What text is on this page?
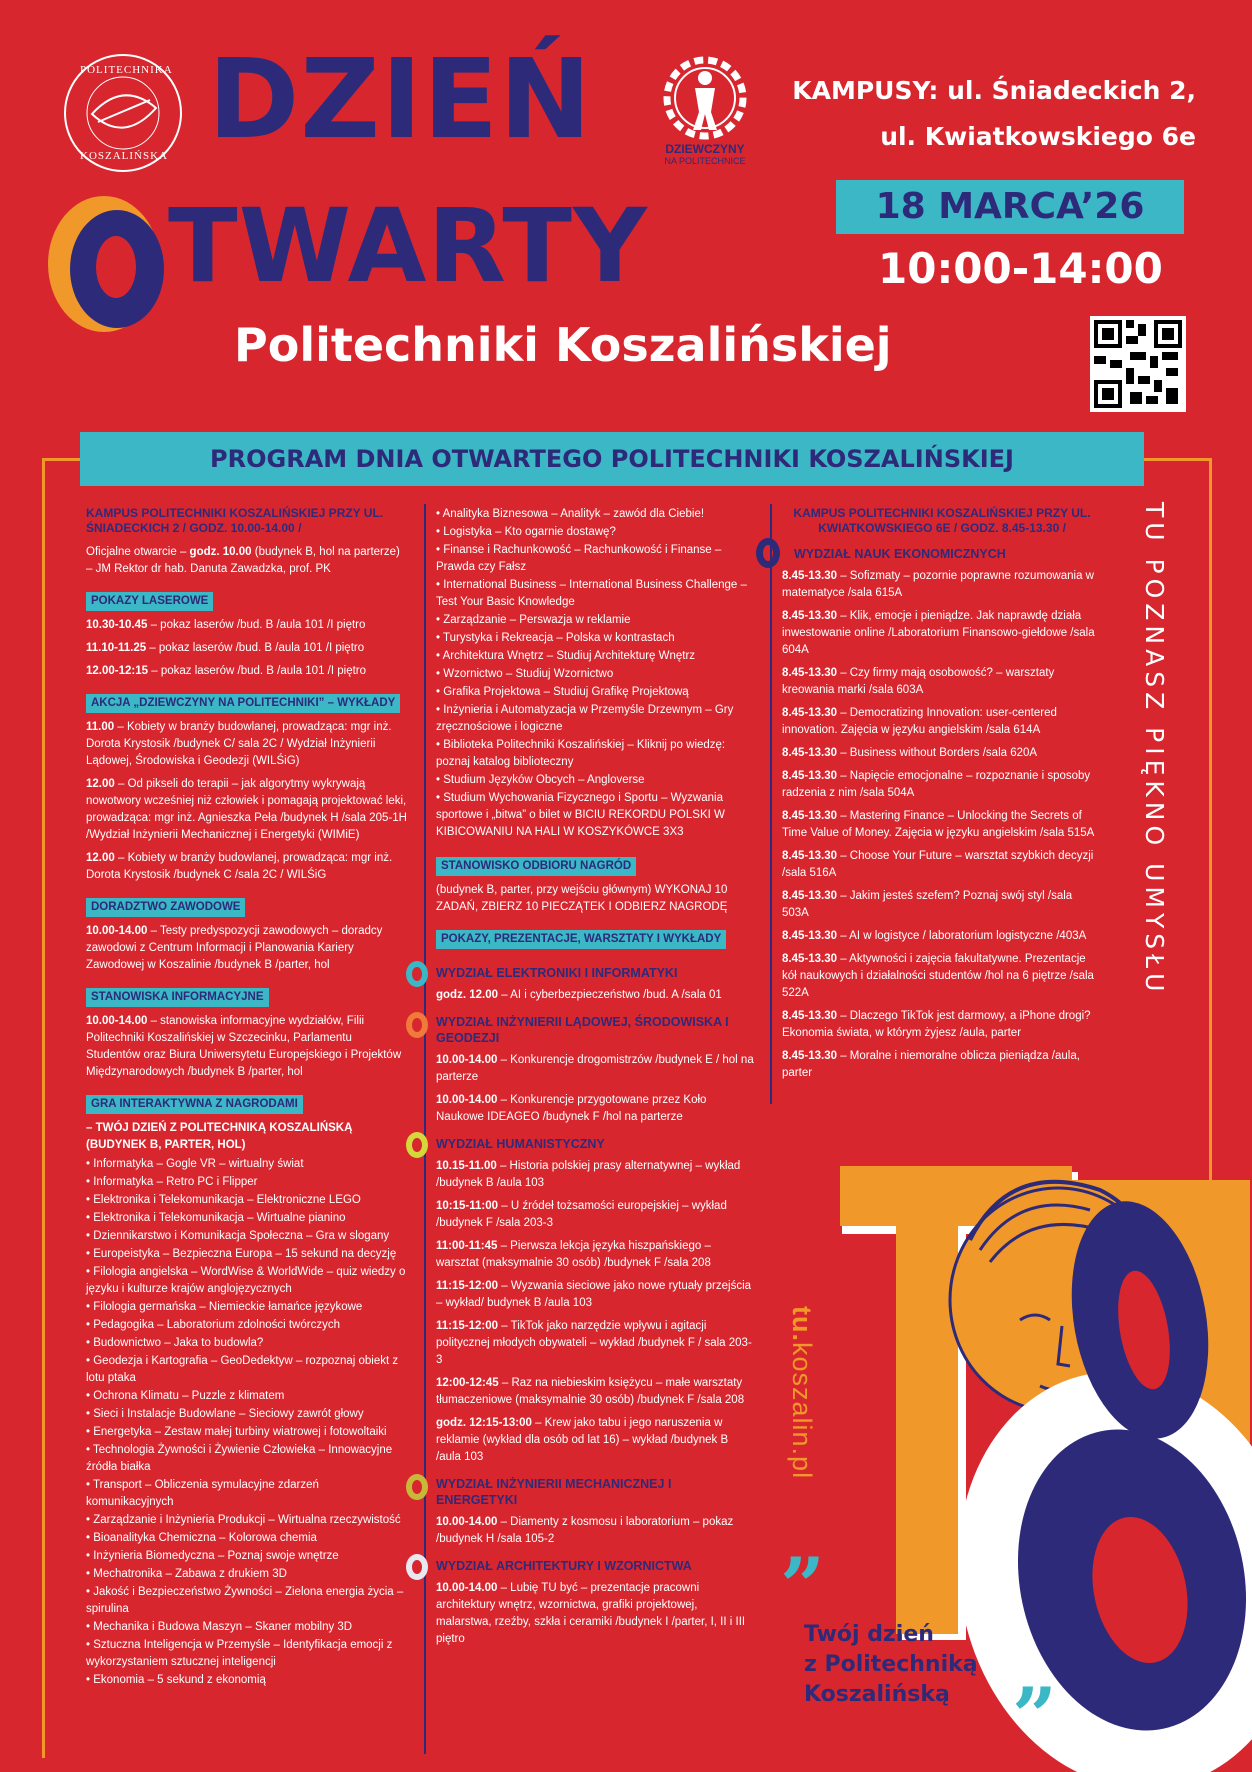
POLITECHNIKA
KOSZALIŃSKA DZIEŃ
TWARTY
Politechniki Koszalińskiej
DZIEWCZYNY
NA POLITECHNICE
KAMPUSY: ul. Śniadeckich 2,
ul. Kwiatkowskiego 6e
18 MARCA’26
10:00-14:00
PROGRAM DNIA OTWARTEGO POLITECHNIKI KOSZALIŃSKIEJ
KAMPUS POLITECHNIKI KOSZALIŃSKIEJ PRZY UL. ŚNIADECKICH 2 / GODZ. 10.00-14.00 /

Oficjalne otwarcie – godz. 10.00 (budynek B, hol na parterze) – JM Rektor dr hab. Danuta Zawadzka, prof. PK

POKAZY LASEROWE

10.30-10.45 – pokaz laserów /bud. B /aula 101 /I piętro

11.10-11.25 – pokaz laserów /bud. B /aula 101 /I piętro

12.00-12:15 – pokaz laserów /bud. B /aula 101 /I piętro

AKCJA „DZIEWCZYNY NA POLITECHNIKI” – WYKŁADY

11.00 – Kobiety w branży budowlanej, prowadząca: mgr inż. Dorota Krystosik /budynek C/ sala 2C / Wydział Inżynierii Lądowej, Środowiska i Geodezji (WILŚiG)

12.00 – Od pikseli do terapii – jak algorytmy wykrywają nowotwory wcześniej niż człowiek i pomagają projektować leki, prowadząca: mgr inż. Agnieszka Peła /budynek H /sala 205-1H /Wydział Inżynierii Mechanicznej i Energetyki (WIMiE)

12.00 – Kobiety w branży budowlanej, prowadząca: mgr inż. Dorota Krystosik /budynek C /sala 2C / WILŚiG

DORADZTWO ZAWODOWE

10.00-14.00 – Testy predyspozycji zawodowych – doradcy zawodowi z Centrum Informacji i Planowania Kariery Zawodowej w Koszalinie /budynek B /parter, hol

STANOWISKA INFORMACYJNE

10.00-14.00 – stanowiska informacyjne wydziałów, Filii Politechniki Koszalińskiej w Szczecinku, Parlamentu Studentów oraz Biura Uniwersytetu Europejskiego i Projektów Międzynarodowych /budynek B /parter, hol

GRA INTERAKTYWNA Z NAGRODAMI
– TWÓJ DZIEŃ Z POLITECHNIKĄ KOSZALIŃSKĄ (BUDYNEK B, PARTER, HOL)
• Informatyka – Gogle VR – wirtualny świat
• Informatyka – Retro PC i Flipper
• Elektronika i Telekomunikacja – Elektroniczne LEGO
• Elektronika i Telekomunikacja – Wirtualne pianino
• Dziennikarstwo i Komunikacja Społeczna – Gra w slogany
• Europeistyka – Bezpieczna Europa – 15 sekund na decyzję
• Filologia angielska – WordWise & WorldWide – quiz wiedzy o języku i kulturze krajów anglojęzycznych
• Filologia germańska – Niemieckie łamańce językowe
• Pedagogika – Laboratorium zdolności twórczych
• Budownictwo – Jaka to budowla?
• Geodezja i Kartografia – GeoDedektyw – rozpoznaj obiekt z lotu ptaka
• Ochrona Klimatu – Puzzle z klimatem
• Sieci i Instalacje Budowlane – Sieciowy zawrót głowy
• Energetyka – Zestaw małej turbiny wiatrowej i fotowoltaiki
• Technologia Żywności i Żywienie Człowieka – Innowacyjne źródła białka
• Transport – Obliczenia symulacyjne zdarzeń komunikacyjnych
• Zarządzanie i Inżynieria Produkcji – Wirtualna rzeczywistość
• Bioanalityka Chemiczna – Kolorowa chemia
• Inżynieria Biomedyczna – Poznaj swoje wnętrze
• Mechatronika – Zabawa z drukiem 3D
• Jakość i Bezpieczeństwo Żywności – Zielona energia życia – spirulina
• Mechanika i Budowa Maszyn – Skaner mobilny 3D
• Sztuczna Inteligencja w Przemyśle – Identyfikacja emocji z wykorzystaniem sztucznej inteligencji
• Ekonomia – 5 sekund z ekonomią
• Analityka Biznesowa – Analityk – zawód dla Ciebie!
• Logistyka – Kto ogarnie dostawę?
• Finanse i Rachunkowość – Rachunkowość i Finanse – Prawda czy Fałsz
• International Business – International Business Challenge – Test Your Basic Knowledge
• Zarządzanie – Perswazja w reklamie
• Turystyka i Rekreacja – Polska w kontrastach
• Architektura Wnętrz – Studiuj Architekturę Wnętrz
• Wzornictwo – Studiuj Wzornictwo
• Grafika Projektowa – Studiuj Grafikę Projektową
• Inżynieria i Automatyzacja w Przemyśle Drzewnym – Gry zręcznościowe i logiczne
• Biblioteka Politechniki Koszalińskiej – Kliknij po wiedzę: poznaj katalog biblioteczny
• Studium Języków Obcych – Angloverse
• Studium Wychowania Fizycznego i Sportu – Wyzwania sportowe i „bitwa” o bilet w BICIU REKORDU POLSKI W KIBICOWANIU NA HALI W KOSZYKÓWCE 3X3
STANOWISKO ODBIORU NAGRÓD

(budynek B, parter, przy wejściu głównym) WYKONAJ 10 ZADAŃ, ZBIERZ 10 PIECZĄTEK I ODBIERZ NAGRODĘ

POKAZY, PREZENTACJE, WARSZTATY I WYKŁADY
WYDZIAŁ ELEKTRONIKI I INFORMATYKI

godz. 12.00 – AI i cyberbezpieczeństwo /bud. A /sala 01

WYDZIAŁ INŻYNIERII LĄDOWEJ, ŚRODOWISKA I GEODEZJI

10.00-14.00 – Konkurencje drogomistrzów /budynek E / hol na parterze

10.00-14.00 – Konkurencje przygotowane przez Koło Naukowe IDEAGEO /budynek F /hol na parterze

WYDZIAŁ HUMANISTYCZNY

10.15-11.00 – Historia polskiej prasy alternatywnej – wykład /budynek B /aula 103

10:15-11:00 – U źródeł tożsamości europejskiej – wykład /budynek F /sala 203-3

11:00-11:45 – Pierwsza lekcja języka hiszpańskiego – warsztat (maksymalnie 30 osób) /budynek F /sala 208

11:15-12:00 – Wyzwania sieciowe jako nowe rytuały przejścia – wykład/ budynek B /aula 103

11:15-12:00 – TikTok jako narzędzie wpływu i agitacji politycznej młodych obywateli – wykład /budynek F / sala 203-3

12:00-12:45 – Raz na niebieskim księżycu – małe warsztaty tłumaczeniowe (maksymalnie 30 osób) /budynek F /sala 208

godz. 12:15-13:00 – Krew jako tabu i jego naruszenia w reklamie (wykład dla osób od lat 16) – wykład /budynek B /aula 103

WYDZIAŁ INŻYNIERII MECHANICZNEJ I ENERGETYKI

10.00-14.00 – Diamenty z kosmosu i laboratorium – pokaz /budynek H /sala 105-2

WYDZIAŁ ARCHITEKTURY I WZORNICTWA

10.00-14.00 – Lubię TU być – prezentacje pracowni architektury wnętrz, wzornictwa, grafiki projektowej, malarstwa, rzeźby, szkła i ceramiki /budynek I /parter, I, II i III piętro

KAMPUS POLITECHNIKI KOSZALIŃSKIEJ PRZY UL. KWIATKOWSKIEGO 6E / GODZ. 8.45-13.30 /
WYDZIAŁ NAUK EKONOMICZNYCH

8.45-13.30 – Sofizmaty – pozornie poprawne rozumowania w matematyce /sala 615A

8.45-13.30 – Klik, emocje i pieniądze. Jak naprawdę działa inwestowanie online /Laboratorium Finansowo-giełdowe /sala 604A

8.45-13.30 – Czy firmy mają osobowość? – warsztaty kreowania marki /sala 603A

8.45-13.30 – Democratizing Innovation: user-centered innovation. Zajęcia w języku angielskim /sala 614A

8.45-13.30 – Business without Borders /sala 620A

8.45-13.30 – Napięcie emocjonalne – rozpoznanie i sposoby radzenia z nim /sala 504A

8.45-13.30 – Mastering Finance – Unlocking the Secrets of Time Value of Money. Zajęcia w języku angielskim /sala 515A

8.45-13.30 – Choose Your Future – warsztat szybkich decyzji /sala 516A

8.45-13.30 – Jakim jesteś szefem? Poznaj swój styl /sala 503A

8.45-13.30 – AI w logistyce / laboratorium logistyczne /403A

8.45-13.30 – Aktywności i zajęcia fakultatywne. Prezentacje kół naukowych i działalności studentów /hol na 6 piętrze /sala 522A

8.45-13.30 – Dlaczego TikTok jest darmowy, a iPhone drogi? Ekonomia świata, w którym żyjesz /aula, parter

8.45-13.30 – Moralne i niemoralne oblicza pieniądza /aula, parter

TU POZNASZ PIĘKNO UMYSŁU
tu.koszalin.pl
”
Twój dzień
z Politechniką
Koszalińską ”
